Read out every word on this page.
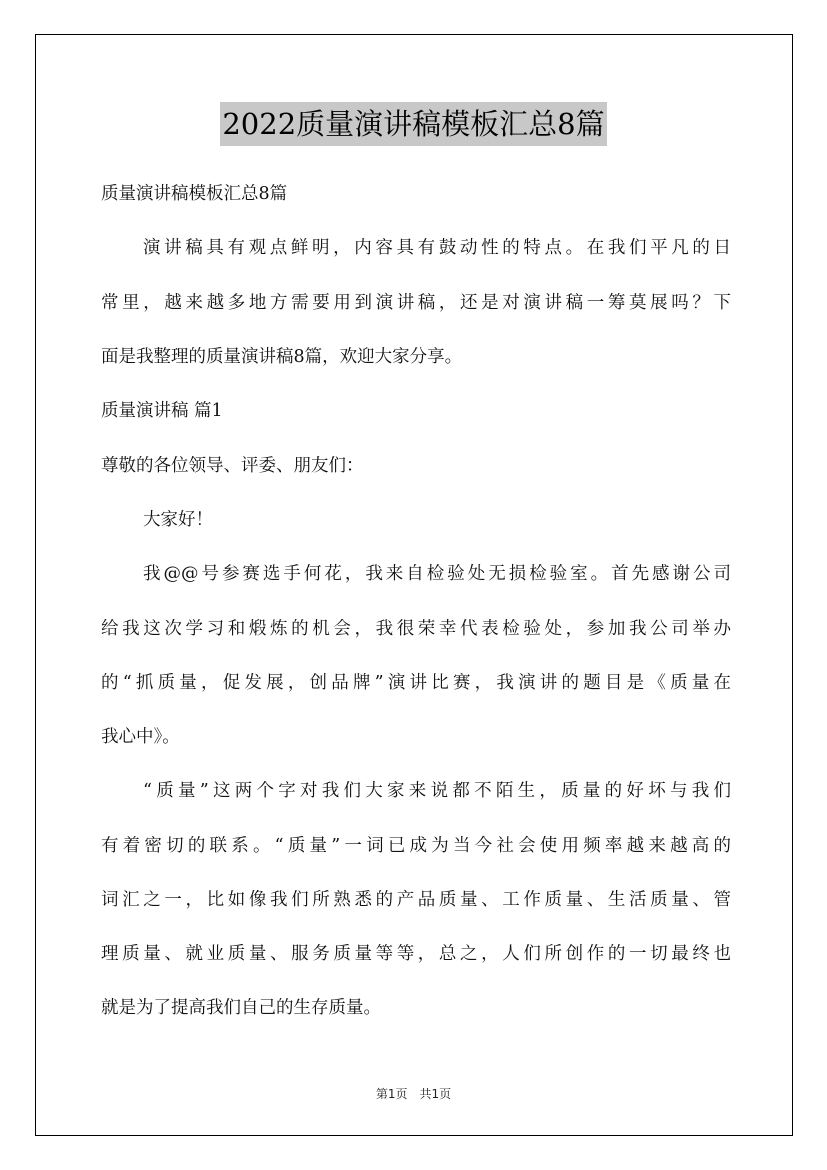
2022质量演讲稿模板汇总8篇
质量演讲稿模板汇总8篇
演讲稿具有观点鲜明，内容具有鼓动性的特点。在我们平凡的日
常里，越来越多地方需要用到演讲稿，还是对演讲稿一筹莫展吗？下
面是我整理的质量演讲稿8篇，欢迎大家分享。
质量演讲稿 篇1
尊敬的各位领导、评委、朋友们：
大家好！
我@@号参赛选手何花，我来自检验处无损检验室。首先感谢公司
给我这次学习和煅炼的机会，我很荣幸代表检验处，参加我公司举办
的“抓质量，促发展，创品牌”演讲比赛，我演讲的题目是《质量在
我心中》。
“质量”这两个字对我们大家来说都不陌生，质量的好坏与我们
有着密切的联系。“质量”一词已成为当今社会使用频率越来越高的
词汇之一，比如像我们所熟悉的产品质量、工作质量、生活质量、管
理质量、就业质量、服务质量等等，总之，人们所创作的一切最终也
就是为了提高我们自己的生存质量。
第1页　共1页
